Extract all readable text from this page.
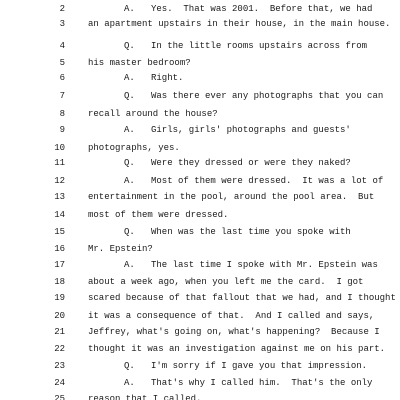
2	A.   Yes.  That was 2001.  Before that, we had
3	an apartment upstairs in their house, in the main house.
4	Q.   In the little rooms upstairs across from
5	his master bedroom?
6	A.   Right.
7	Q.   Was there ever any photographs that you can
8	recall around the house?
9	A.   Girls, girls' photographs and guests'
10	photographs, yes.
11	Q.   Were they dressed or were they naked?
12	A.   Most of them were dressed.  It was a lot of
13	entertainment in the pool, around the pool area.  But
14	most of them were dressed.
15	Q.   When was the last time you spoke with
16	Mr. Epstein?
17	A.   The last time I spoke with Mr. Epstein was
18	about a week ago, when you left me the card.  I got
19	scared because of that fallout that we had, and I thought
20	it was a consequence of that.  And I called and says,
21	Jeffrey, what's going on, what's happening?  Because I
22	thought it was an investigation against me on his part.
23	Q.   I'm sorry if I gave you that impression.
24	A.   That's why I called him.  That's the only
25	reason that I called.
